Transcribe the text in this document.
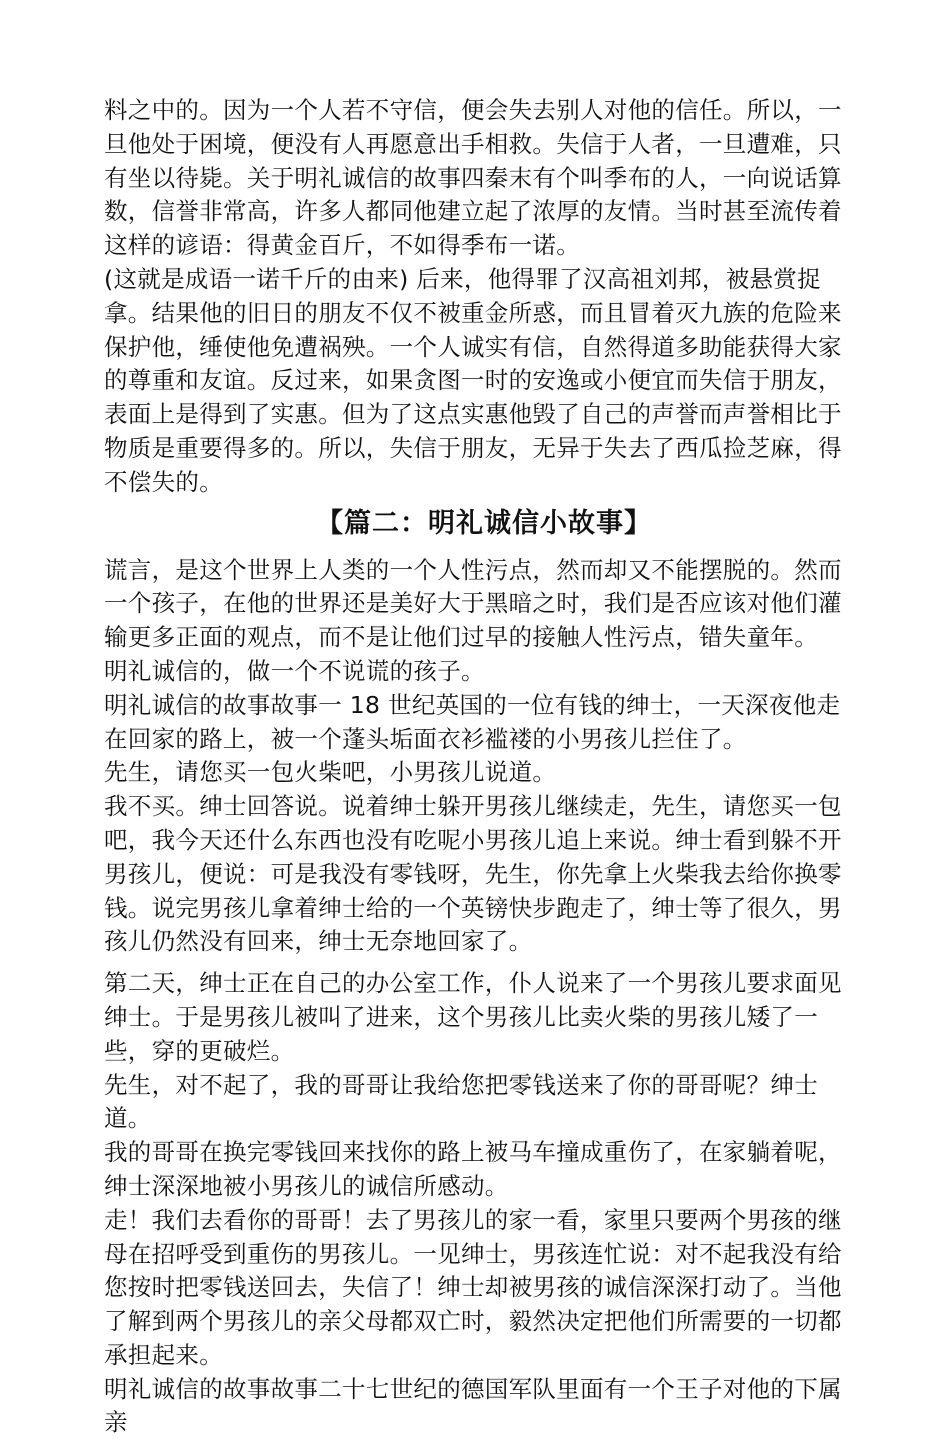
料之中的。因为一个人若不守信，便会失去别人对他的信任。所以，一旦他处于困境，便没有人再愿意出手相救。失信于人者，一旦遭难，只有坐以待毙。关于明礼诚信的故事四秦末有个叫季布的人，一向说话算数，信誉非常高，许多人都同他建立起了浓厚的友情。当时甚至流传着这样的谚语：得黄金百斤，不如得季布一诺。

(这就是成语一诺千斤的由来) 后来，他得罪了汉高祖刘邦，被悬赏捉拿。结果他的旧日的朋友不仅不被重金所惑，而且冒着灭九族的危险来保护他，缍使他免遭祸殃。一个人诚实有信，自然得道多助能获得大家的尊重和友谊。反过来，如果贪图一时的安逸或小便宜而失信于朋友，表面上是得到了实惠。但为了这点实惠他毁了自己的声誉而声誉相比于物质是重要得多的。所以，失信于朋友，无异于失去了西瓜捡芝麻，得不偿失的。

【篇二：明礼诚信小故事】

谎言，是这个世界上人类的一个人性污点，然而却又不能摆脱的。然而一个孩子，在他的世界还是美好大于黑暗之时，我们是否应该对他们灌输更多正面的观点，而不是让他们过早的接触人性污点，错失童年。

明礼诚信的，做一个不说谎的孩子。

明礼诚信的故事故事一 18 世纪英国的一位有钱的绅士，一天深夜他走在回家的路上，被一个蓬头垢面衣衫褴褛的小男孩儿拦住了。

先生，请您买一包火柴吧，小男孩儿说道。

我不买。绅士回答说。说着绅士躲开男孩儿继续走，先生，请您买一包吧，我今天还什么东西也没有吃呢小男孩儿追上来说。绅士看到躲不开男孩儿，便说：可是我没有零钱呀，先生，你先拿上火柴我去给你换零钱。说完男孩儿拿着绅士给的一个英镑快步跑走了，绅士等了很久，男孩儿仍然没有回来，绅士无奈地回家了。

第二天，绅士正在自己的办公室工作，仆人说来了一个男孩儿要求面见绅士。于是男孩儿被叫了进来，这个男孩儿比卖火柴的男孩儿矮了一些，穿的更破烂。

先生，对不起了，我的哥哥让我给您把零钱送来了你的哥哥呢？绅士道。

我的哥哥在换完零钱回来找你的路上被马车撞成重伤了，在家躺着呢，绅士深深地被小男孩儿的诚信所感动。

走！我们去看你的哥哥！去了男孩儿的家一看，家里只要两个男孩的继母在招呼受到重伤的男孩儿。一见绅士，男孩连忙说：对不起我没有给您按时把零钱送回去，失信了！绅士却被男孩的诚信深深打动了。当他了解到两个男孩儿的亲父母都双亡时，毅然决定把他们所需要的一切都承担起来。

明礼诚信的故事故事二十七世纪的德国军队里面有一个王子对他的下属亲
